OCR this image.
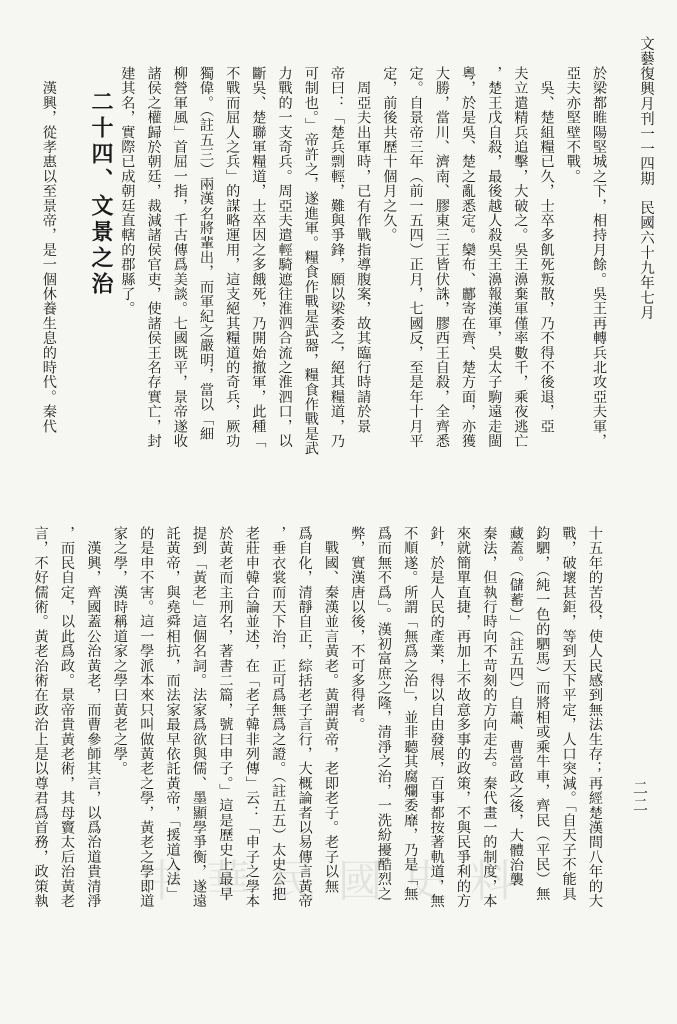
文藝復興月刊一一四期
民國六十九年七月
於梁都睢陽堅城之下，相持月餘。吳王再轉兵北攻亞夫軍，
亞夫亦堅壁不戰。
　吳、楚組糧已久，士卒多飢死叛散，乃不得不後退，亞
夫立遣精兵追擊，大破之。吳王濞棄軍僅率數千，乘夜逃亡
，楚王戊自殺，最後越人殺吳王濞報漢軍，吳太子駒遠走閩
粵，於是吳、楚之亂悉定。欒布、酈寄在齊、楚方面，亦獲
大勝，當川、濟南、膠東三王皆伏誅，膠西王自殺，全齊悉
定。自景帝三年（前一五四）正月，七國反，至是年十月平
定，前後共歷十個月之久。
　周亞夫出軍時，已有作戰指導腹案，故其臨行時請於景
帝曰：「楚兵剽輕，難與爭鋒，願以梁委之，絕其糧道，乃
可制也。」帝許之，遂進軍。糧食作戰是武器，糧食作戰是武
力戰的一支奇兵。周亞夫遣輕騎遮往淮泗合流之淮泗口，以
斷吳、楚聯軍糧道，士卒因之多餓死，乃開始撤軍，此種「
不戰而屈人之兵」的謀略運用，這支絕其糧道的奇兵，厥功
獨偉。（註五三）兩漢名將輩出，而軍紀之嚴明，當以「細
柳營軍風」首屈一指，千古傳爲美談。七國既平，景帝遂收
諸侯之權歸於朝廷，裁減諸侯官吏，使諸侯王名存實亡，封
建其名，實際已成朝廷直轄的郡縣了。
　漢興，從孝惠以至景帝，是一個休養生息的時代。秦代 二十四、文景之治
十五年的苦役，使人民感到無法生存；再經楚漢間八年的大
戰，破壞甚鉅，等到天下平定，人口突減。「自天子不能具
鈞駟，（純一色的駟馬）而將相或乘牛車，齊民（平民）無
藏蓋。（儲蓄）」（註五四）自蕭、曹當政之後，大體治襲
秦法，但執行時向不苛刻的方向走去。秦代畫一的制度，本
來就簡單直捷，再加上不故意多事的政策，不與民爭利的方
針，於是人民的產業，得以自由發展，百事都按著軌道，無
不順遂。所謂「無爲之治」，並非聽其腐爛委靡，乃是「無
爲而無不爲」。漢初富庶之隆，清淨之治，一洗紛擾酷烈之
弊，實漢唐以後，不可多得者。
　戰國、秦漢並言黃老。黃謂黃帝，老即老子。老子以無
爲自化，清靜自正，綜括老子言行，大概論者以易傳言黃帝
，垂衣裳而天下治，正可爲無爲之證。（註五五）太史公把
老莊申韓合論並述，在「老子韓非列傳」云：「申子之學本
於黃老而主刑名，著書二篇，號曰申子。」這是歷史上最早
提到「黃老」這個名詞。法家爲欲與儒、墨顯學爭衡，遂遠
託黃帝，與堯舜相抗，而法家最早依託黃帝，「援道入法」
的是申不害。這一學派本來只叫做黃老之學，黃老之學即道
家之學，漢時稱道家之學曰黃老之學。
　漢興，齊國蓋公治黃老，而曹參師其言，以爲治道貴清淨
，而民自定，以此爲政。景帝貴黃老術，其母竇太后治黃老
言，不好儒術。黃老治術在政治上是以尊君爲首務，政策執	二二
中華民國史料
